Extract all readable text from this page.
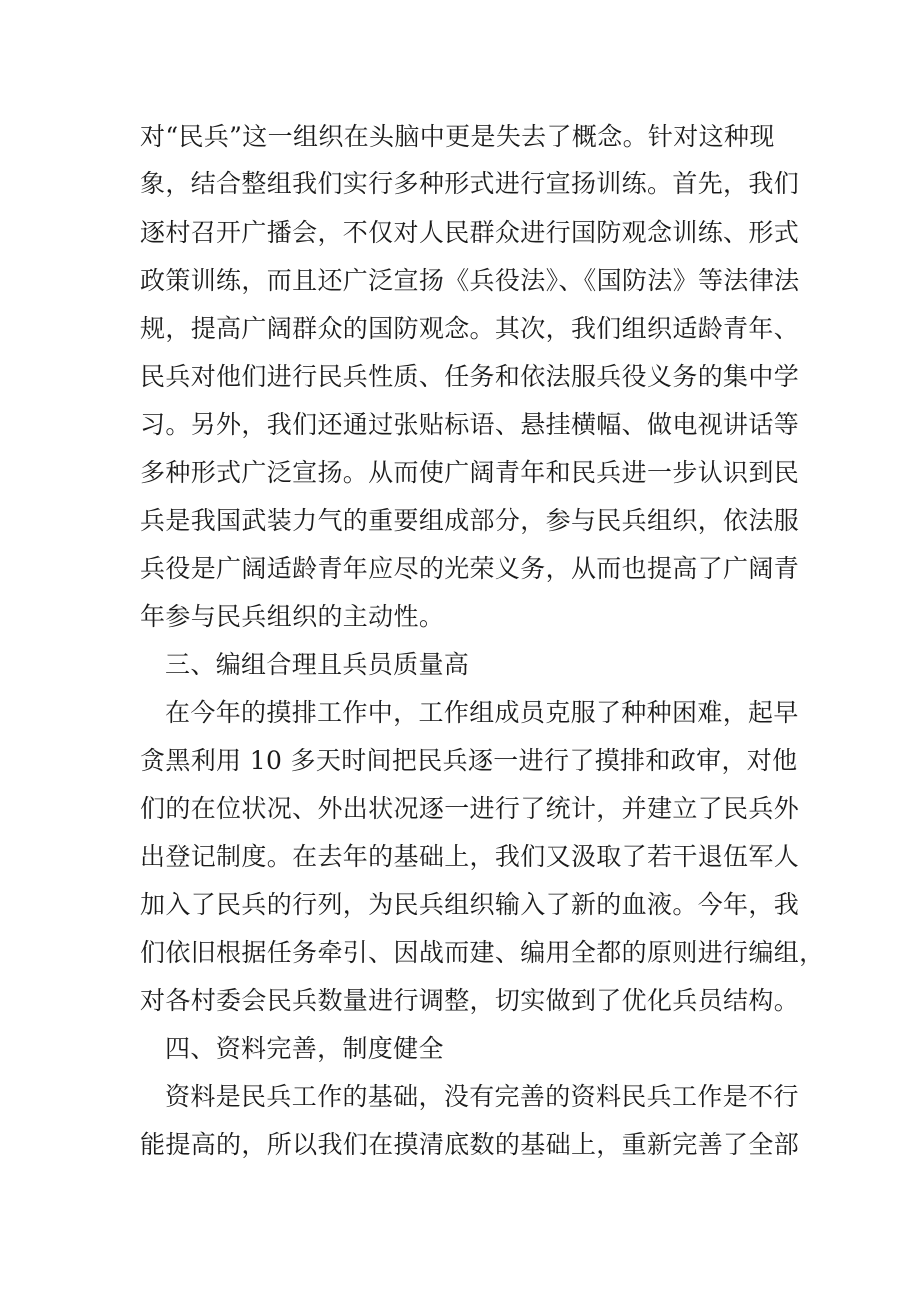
对“民兵”这一组织在头脑中更是失去了概念。针对这种现
象，结合整组我们实行多种形式进行宣扬训练。首先，我们
逐村召开广播会，不仅对人民群众进行国防观念训练、形式
政策训练，而且还广泛宣扬《兵役法》、《国防法》等法律法
规，提高广阔群众的国防观念。其次，我们组织适龄青年、
民兵对他们进行民兵性质、任务和依法服兵役义务的集中学
习。另外，我们还通过张贴标语、悬挂横幅、做电视讲话等
多种形式广泛宣扬。从而使广阔青年和民兵进一步认识到民
兵是我国武装力气的重要组成部分，参与民兵组织，依法服
兵役是广阔适龄青年应尽的光荣义务，从而也提高了广阔青
年参与民兵组织的主动性。
三、编组合理且兵员质量高
在今年的摸排工作中，工作组成员克服了种种困难，起早
贪黑利用 10 多天时间把民兵逐一进行了摸排和政审，对他
们的在位状况、外出状况逐一进行了统计，并建立了民兵外
出登记制度。在去年的基础上，我们又汲取了若干退伍军人
加入了民兵的行列，为民兵组织输入了新的血液。今年，我
们依旧根据任务牵引、因战而建、编用全都的原则进行编组，
对各村委会民兵数量进行调整，切实做到了优化兵员结构。
四、资料完善，制度健全
资料是民兵工作的基础，没有完善的资料民兵工作是不行
能提高的，所以我们在摸清底数的基础上，重新完善了全部
